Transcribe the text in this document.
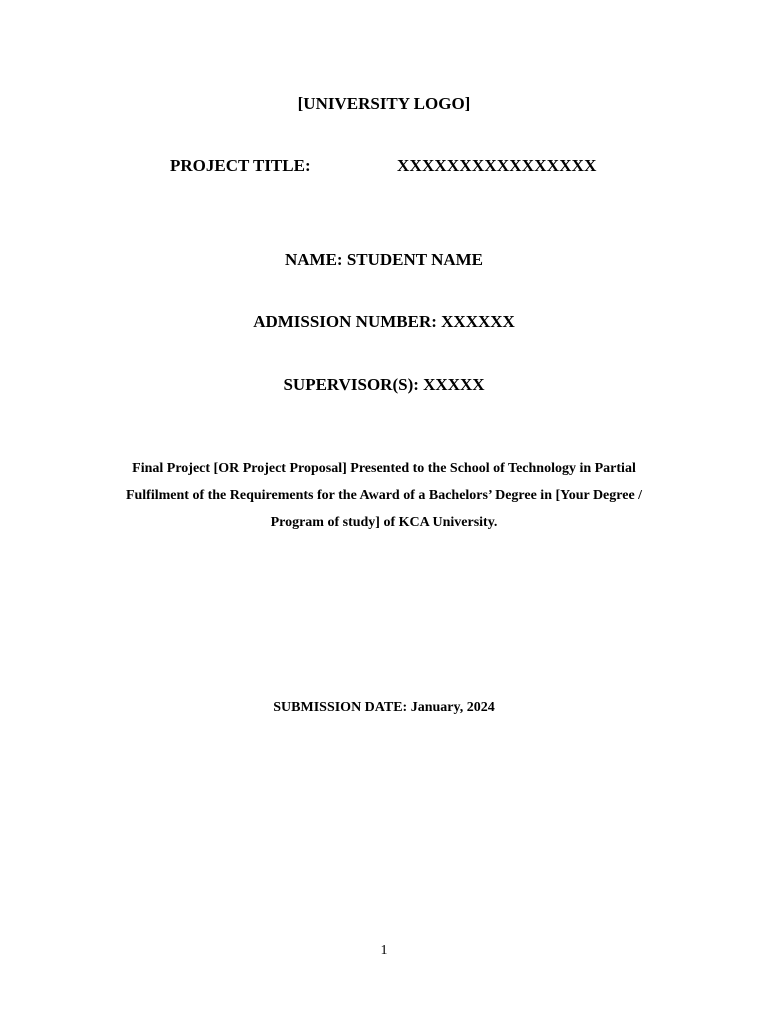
[UNIVERSITY LOGO]
PROJECT TITLE:	XXXXXXXXXXXXXXXX
NAME: STUDENT NAME
ADMISSION NUMBER: XXXXXX
SUPERVISOR(S): XXXXX
Final Project [OR Project Proposal] Presented to the School of Technology in Partial
Fulfilment of the Requirements for the Award of a Bachelors’ Degree in [Your Degree /
Program of study] of KCA University.
SUBMISSION DATE: January, 2024
1
